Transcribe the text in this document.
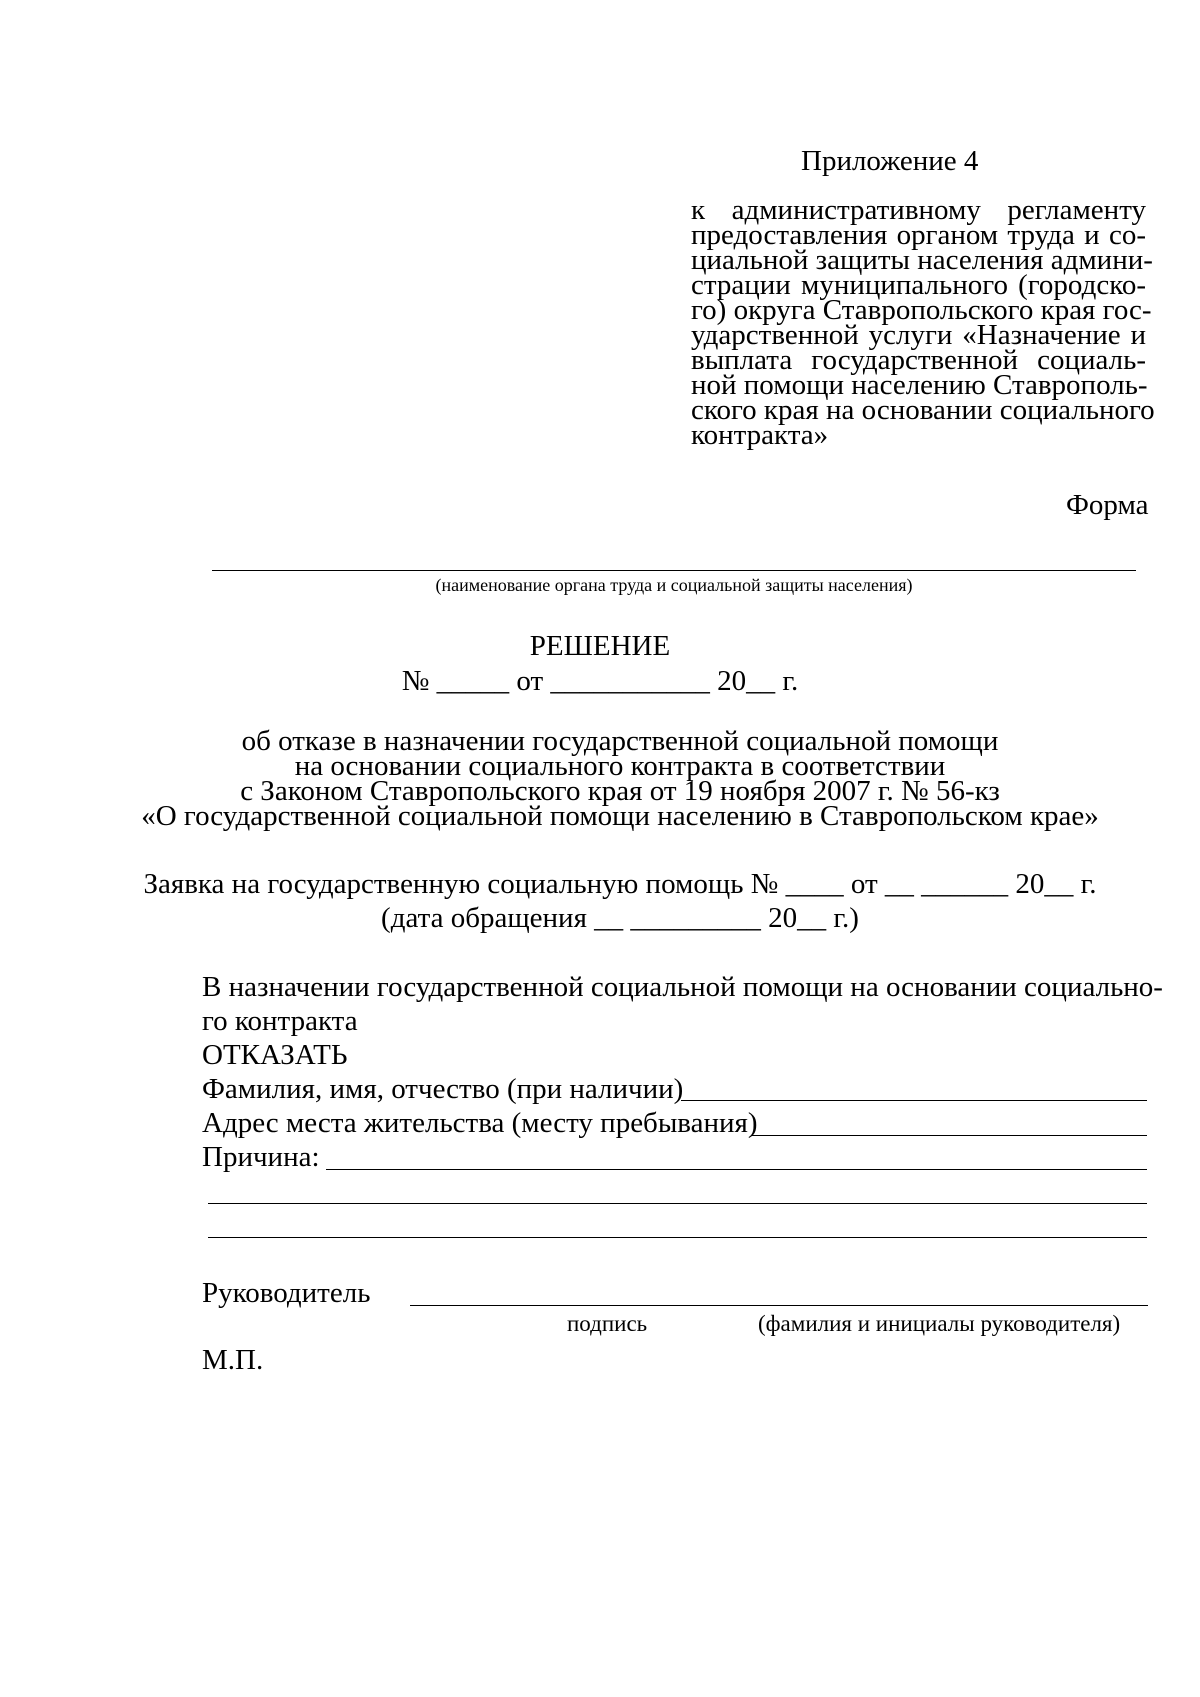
Приложение 4
к административному регламенту
предоставления органом труда и со-
циальной защиты населения админи-
страции муниципального (городско-
го) округа Ставропольского края гос-
ударственной услуги «Назначение и
выплата государственной социаль-
ной помощи населению Ставрополь-
ского края на основании социального
контракта»
Форма
(наименование органа труда и социальной защиты населения)
РЕШЕНИЕ
№ _____ от ___________ 20__ г.
об отказе в назначении государственной социальной помощи
на основании социального контракта в соответствии
с Законом Ставропольского края от 19 ноября 2007 г. № 56-кз
«О государственной социальной помощи населению в Ставропольском крае»
Заявка на государственную социальную помощь № ____ от __ ______ 20__ г.
(дата обращения __ _________ 20__ г.)
В назначении государственной социальной помощи на основании социально-
го контракта
ОТКАЗАТЬ
Фамилия, имя, отчество (при наличии)
Адрес места жительства (месту пребывания)
Причина:
Руководитель
подпись	(фамилия и инициалы руководителя)
М.П.
